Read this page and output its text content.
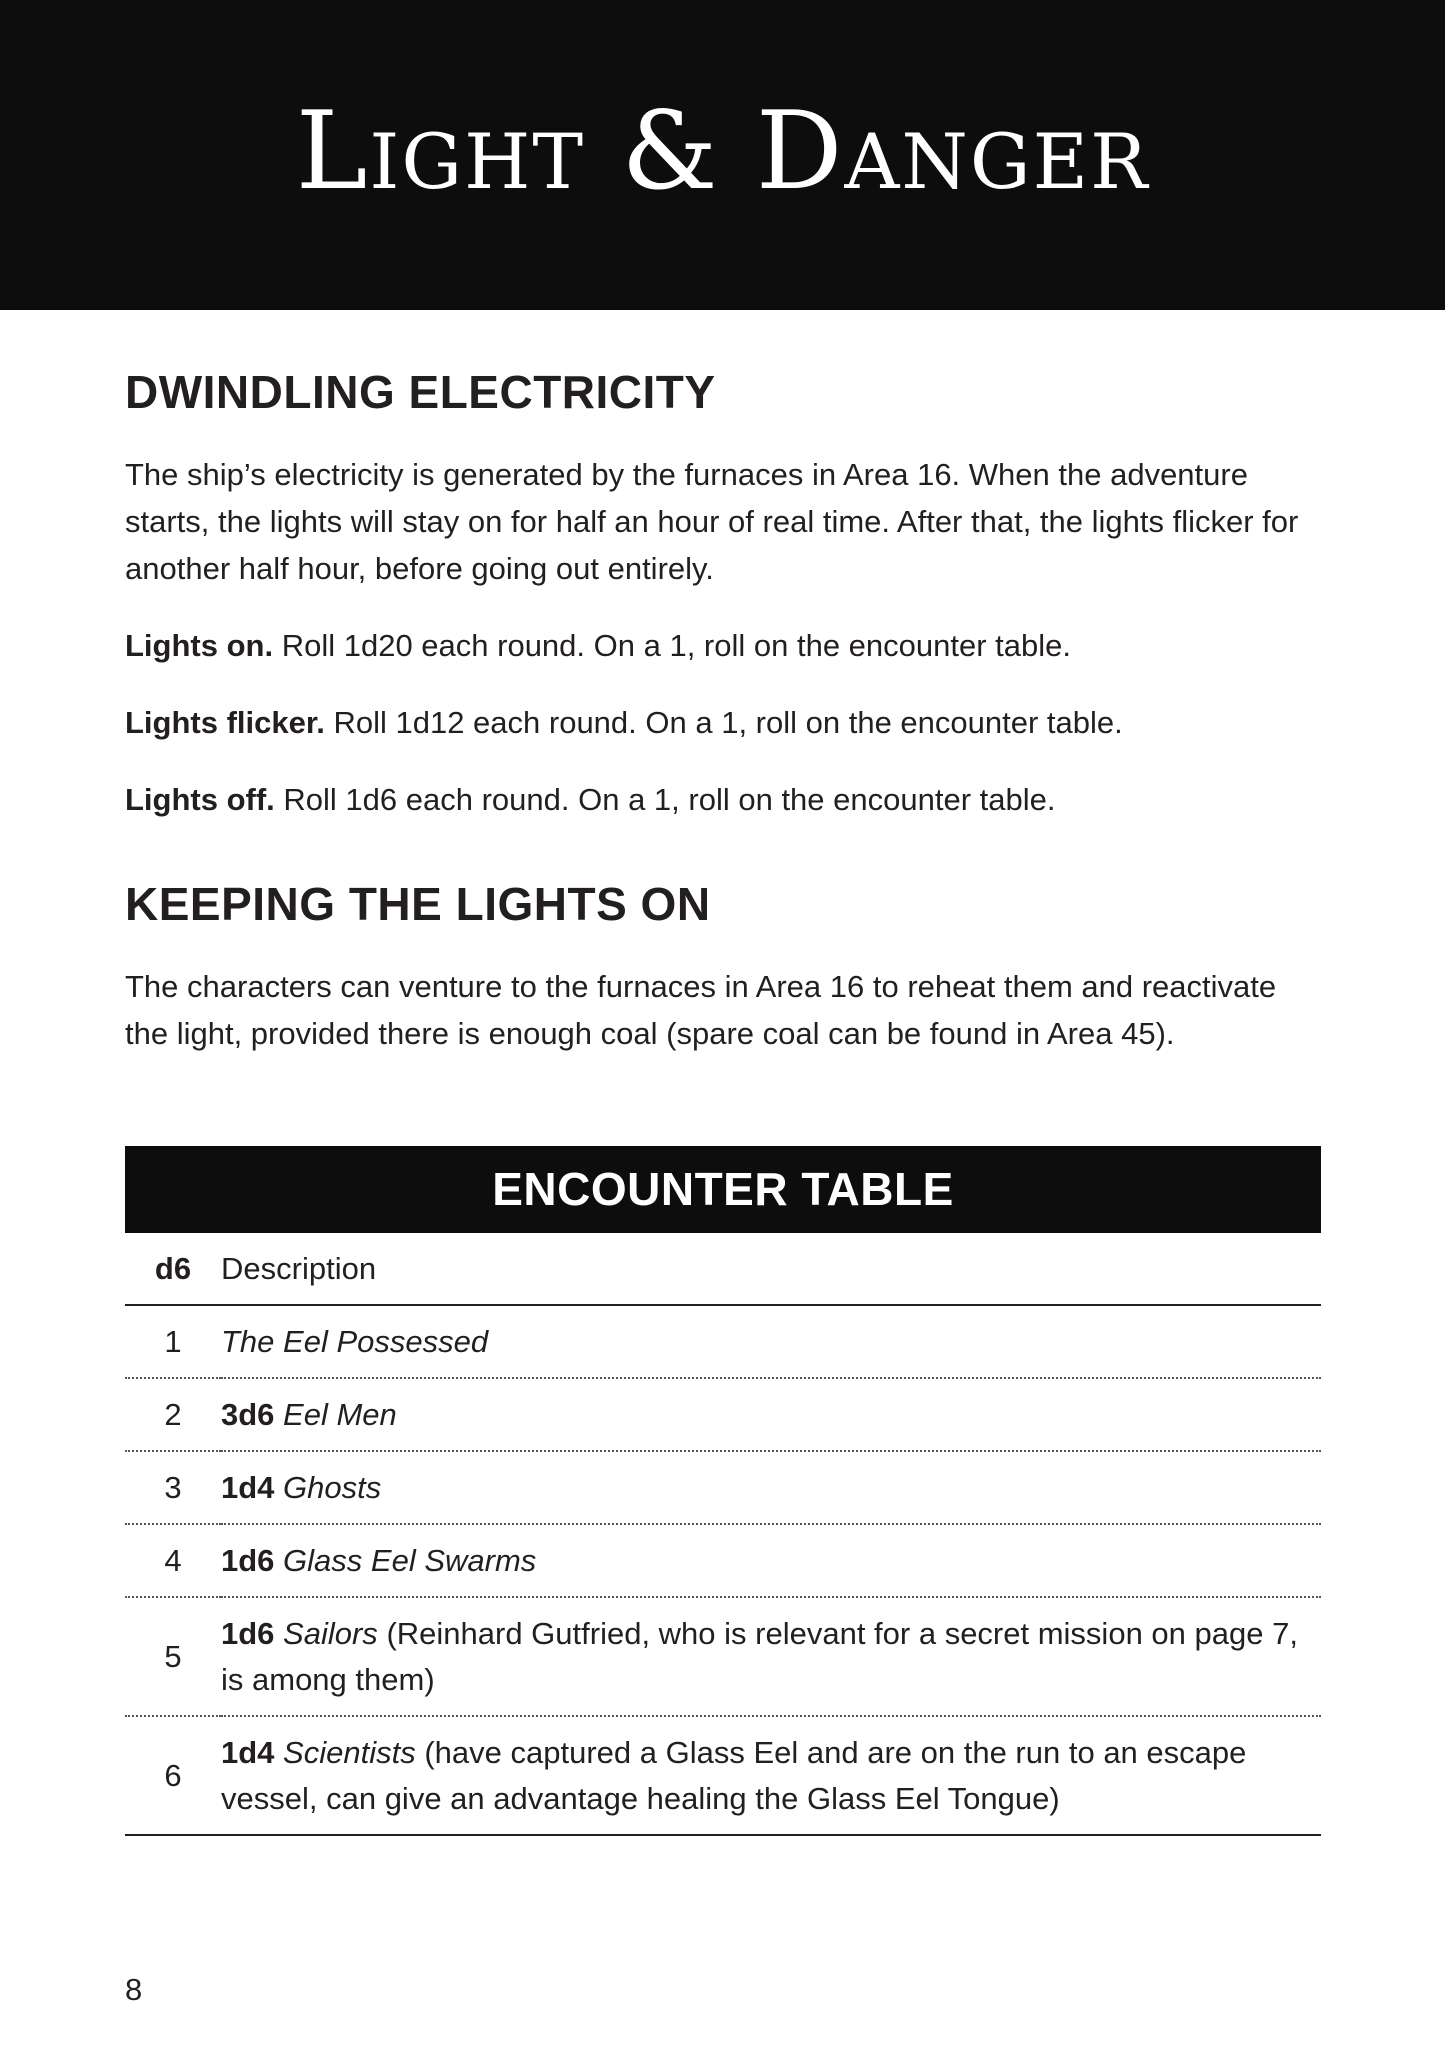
Light & Danger
DWINDLING ELECTRICITY

The ship’s electricity is generated by the furnaces in Area 16. When the adventure starts, the lights will stay on for half an hour of real time. After that, the lights flicker for another half hour, before going out entirely.

Lights on. Roll 1d20 each round. On a 1, roll on the encounter table.

Lights flicker. Roll 1d12 each round. On a 1, roll on the encounter table.

Lights off. Roll 1d6 each round. On a 1, roll on the encounter table.

KEEPING THE LIGHTS ON

The characters can venture to the furnaces in Area 16 to reheat them and reactivate the light, provided there is enough coal (spare coal can be found in Area 45).

ENCOUNTER TABLE
d6	Description
1	The Eel Possessed
2	3d6 Eel Men
3	1d4 Ghosts
4	1d6 Glass Eel Swarms
5	1d6 Sailors (Reinhard Gutfried, who is relevant for a secret mission on page 7, is among them)
6	1d4 Scientists (have captured a Glass Eel and are on the run to an escape vessel, can give an advantage healing the Glass Eel Tongue)
8
